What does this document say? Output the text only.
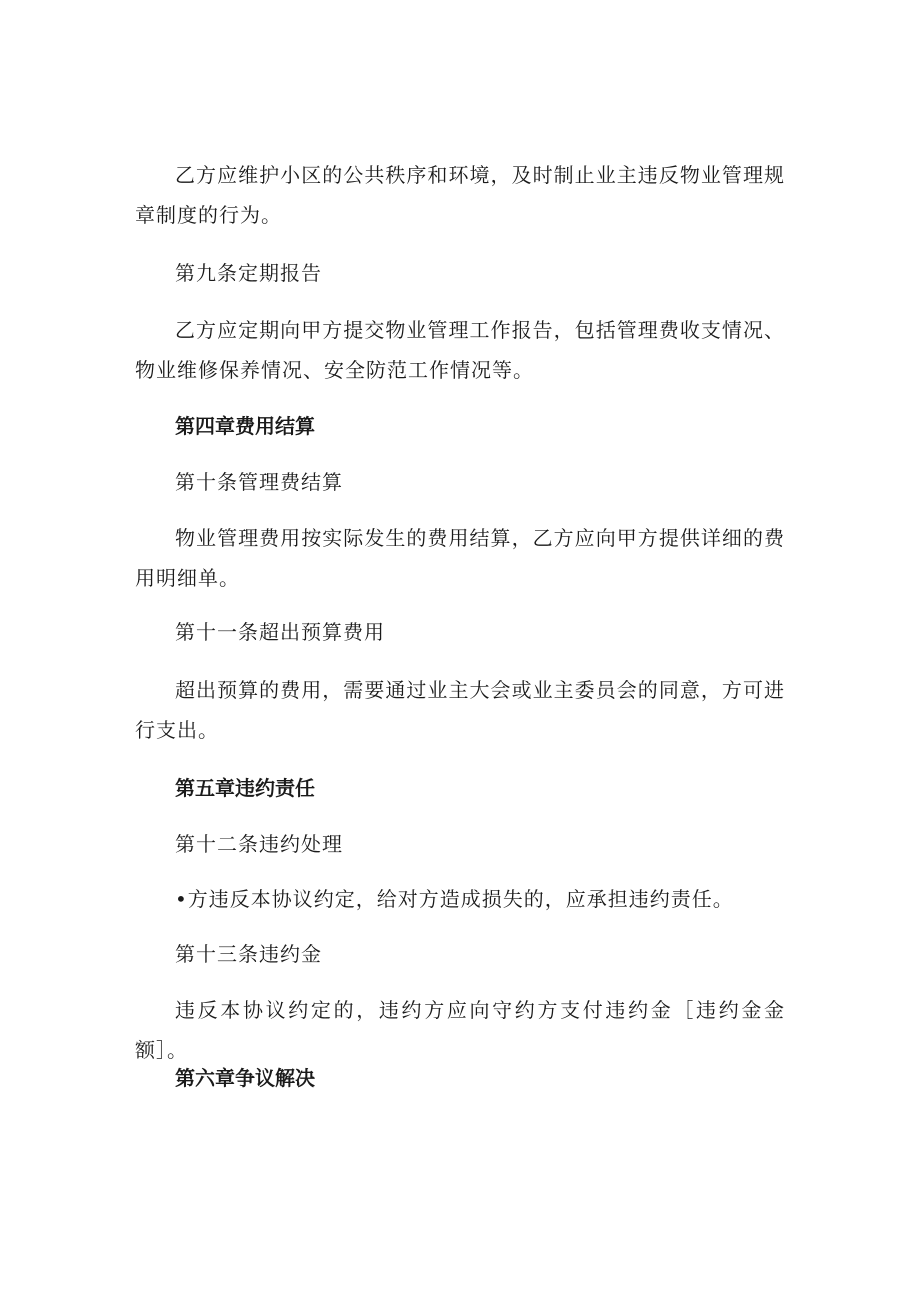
乙方应维护小区的公共秩序和环境，及时制止业主违反物业管理规章制度的行为。

第九条定期报告

乙方应定期向甲方提交物业管理工作报告，包括管理费收支情况、物业维修保养情况、安全防范工作情况等。

第四章费用结算

第十条管理费结算

物业管理费用按实际发生的费用结算，乙方应向甲方提供详细的费用明细单。

第十一条超出预算费用

超出预算的费用，需要通过业主大会或业主委员会的同意，方可进行支出。

第五章违约责任

第十二条违约处理

•方违反本协议约定，给对方造成损失的，应承担违约责任。

第十三条违约金

违反本协议约定的，违约方应向守约方支付违约金［违约金金额］。

第六章争议解决
